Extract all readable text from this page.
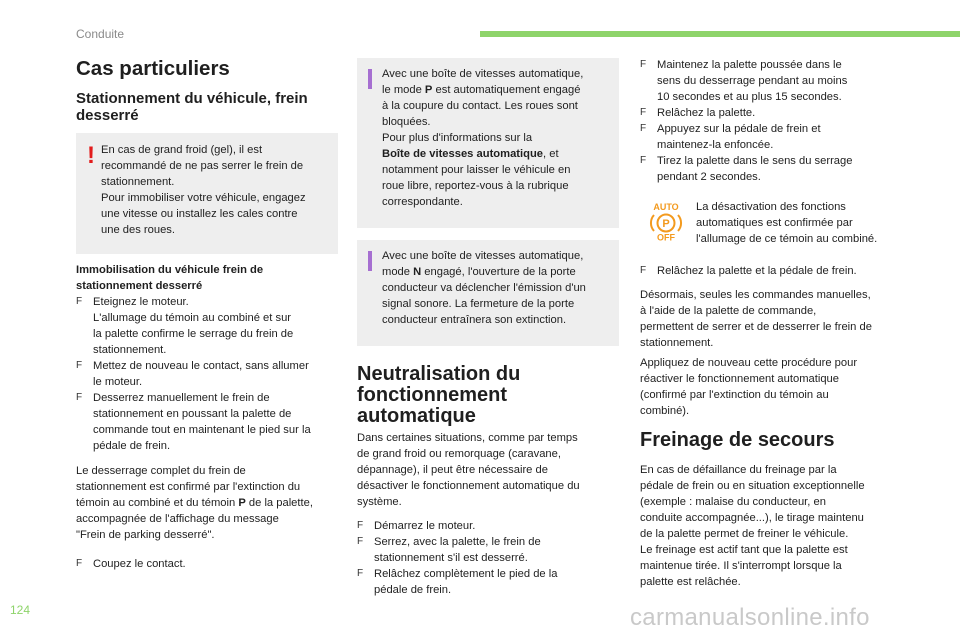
Conduite
Cas particuliers
Stationnement du véhicule, frein desserré
! En cas de grand froid (gel), il est

recommandé de ne pas serrer le frein de

stationnement.

Pour immobiliser votre véhicule, engagez

une vitesse ou installez les cales contre

une des roues.

Immobilisation du véhicule frein de

stationnement desserré

F Eteignez le moteur.
L'allumage du témoin au combiné et sur
la palette confirme le serrage du frein de
stationnement.
F Mettez de nouveau le contact, sans allumer
le moteur.
F Desserrez manuellement le frein de
stationnement en poussant la palette de
commande tout en maintenant le pied sur la
pédale de frein.

Le desserrage complet du frein de

stationnement est confirmé par l'extinction du

témoin au combiné et du témoin P de la palette,

accompagnée de l'affichage du message

"Frein de parking desserré".

F Coupez le contact.

Avec une boîte de vitesses automatique,

le mode P est automatiquement engagé

à la coupure du contact. Les roues sont

bloquées.

Pour plus d'informations sur la

Boîte de vitesses automatique, et

notamment pour laisser le véhicule en

roue libre, reportez-vous à la rubrique

correspondante.

Avec une boîte de vitesses automatique,

mode N engagé, l'ouverture de la porte

conducteur va déclencher l'émission d'un

signal sonore. La fermeture de la porte

conducteur entraînera son extinction.

Neutralisation du
fonctionnement
automatique

Dans certaines situations, comme par temps

de grand froid ou remorquage (caravane,

dépannage), il peut être nécessaire de

désactiver le fonctionnement automatique du

système.

F Démarrez le moteur.
F Serrez, avec la palette, le frein de
stationnement s'il est desserré.
F Relâchez complètement le pied de la
pédale de frein.
F Maintenez la palette poussée dans le
sens du desserrage pendant au moins
10 secondes et au plus 15 secondes.
F Relâchez la palette.
F Appuyez sur la pédale de frein et
maintenez-la enfoncée.
F Tirez la palette dans le sens du serrage
pendant 2 secondes.
AUTO
P
OFF

La désactivation des fonctions

automatiques est confirmée par

l'allumage de ce témoin au combiné.

F Relâchez la palette et la pédale de frein.

Désormais, seules les commandes manuelles,

à l'aide de la palette de commande,

permettent de serrer et de desserrer le frein de

stationnement.

Appliquez de nouveau cette procédure pour

réactiver le fonctionnement automatique

(confirmé par l'extinction du témoin au

combiné).

Freinage de secours

En cas de défaillance du freinage par la

pédale de frein ou en situation exceptionnelle

(exemple : malaise du conducteur, en

conduite accompagnée...), le tirage maintenu

de la palette permet de freiner le véhicule.

Le freinage est actif tant que la palette est

maintenue tirée. Il s'interrompt lorsque la

palette est relâchée.

124	carmanualsonline.info
